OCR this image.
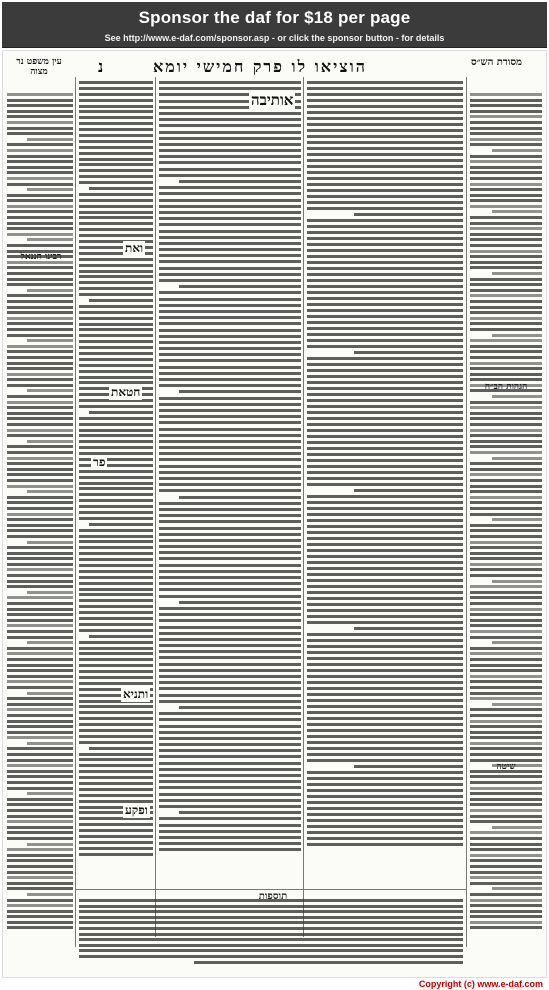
Sponsor the daf for $18 per page
See http://www.e-daf.com/sponsor.asp - or click the sponsor button - for details
עין משפט נר מצוה	נ	הוציאו לו פרק חמישי יומא	מסורת הש״ס
אותיבה
ואת
חטאת
פר
ותניא
ופקע
רבינו חננאל
הגהות הב״ח
שיטה
תוספות
Copyright (c) www.e-daf.com
